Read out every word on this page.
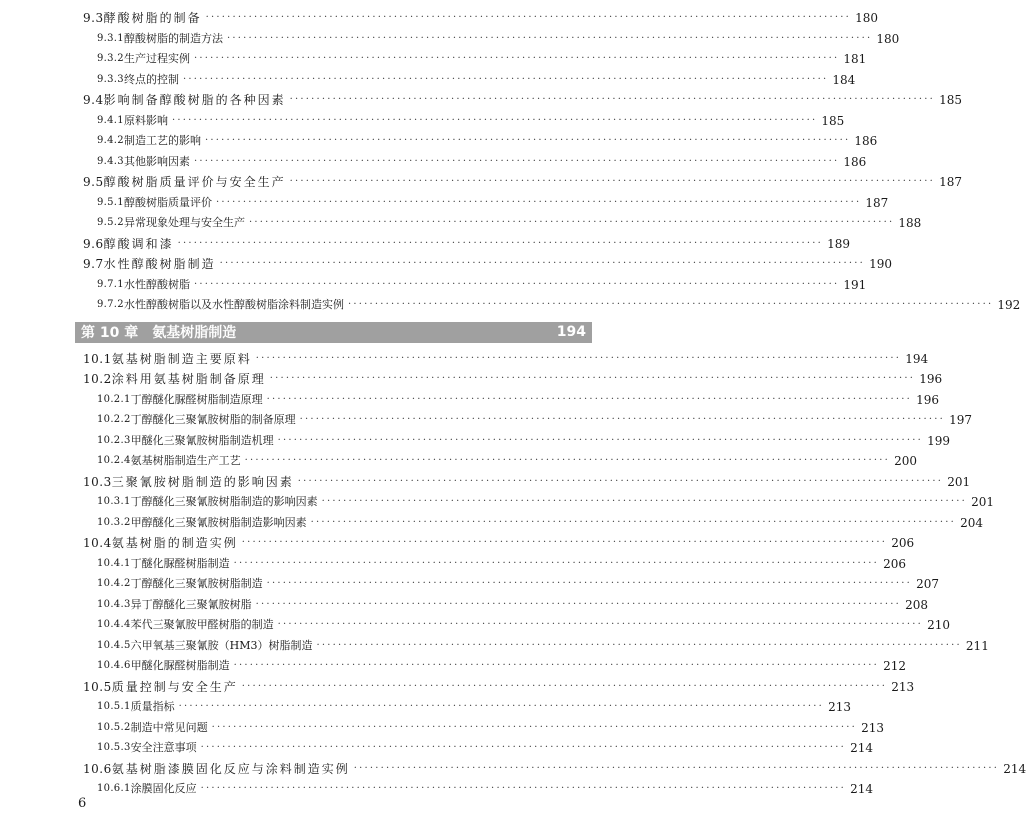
9.3 酵酸树脂的制备 ························································································································ 180
9.3.1 醇酸树脂的制造方法 ························································································································ 180
9.3.2 生产过程实例 ························································································································ 181
9.3.3 终点的控制 ························································································································ 184
9.4 影响制备醇酸树脂的各种因素 ························································································································ 185
9.4.1 原料影响 ························································································································ 185
9.4.2 制造工艺的影响 ························································································································ 186
9.4.3 其他影响因素 ························································································································ 186
9.5 醇酸树脂质量评价与安全生产 ························································································································ 187
9.5.1 醇酸树脂质量评价 ························································································································ 187
9.5.2 异常现象处理与安全生产 ························································································································ 188
9.6 醇酸调和漆 ························································································································ 189
9.7 水性醇酸树脂制造 ························································································································ 190
9.7.1 水性醇酸树脂 ························································································································ 191
9.7.2 水性醇酸树脂以及水性醇酸树脂涂料制造实例 ························································································································ 192
第 10 章 氨基树脂制造	194
10.1 氨基树脂制造主要原料 ························································································································ 194
10.2 涂料用氨基树脂制备原理 ························································································································ 196
10.2.1 丁醇醚化脲醛树脂制造原理 ························································································································ 196
10.2.2 丁醇醚化三聚氰胺树脂的制备原理 ························································································································ 197
10.2.3 甲醚化三聚氰胺树脂制造机理 ························································································································ 199
10.2.4 氨基树脂制造生产工艺 ························································································································ 200
10.3 三聚氰胺树脂制造的影响因素 ························································································································ 201
10.3.1 丁醇醚化三聚氰胺树脂制造的影响因素 ························································································································ 201
10.3.2 甲醇醚化三聚氰胺树脂制造影响因素 ························································································································ 204
10.4 氨基树脂的制造实例 ························································································································ 206
10.4.1 丁醚化脲醛树脂制造 ························································································································ 206
10.4.2 丁醇醚化三聚氰胺树脂制造 ························································································································ 207
10.4.3 异丁醇醚化三聚氰胺树脂 ························································································································ 208
10.4.4 苯代三聚氰胺甲醛树脂的制造 ························································································································ 210
10.4.5 六甲氧基三聚氰胺（HM3）树脂制造 ························································································································ 211
10.4.6 甲醚化脲醛树脂制造 ························································································································ 212
10.5 质量控制与安全生产 ························································································································ 213
10.5.1 质量指标 ························································································································ 213
10.5.2 制造中常见问题 ························································································································ 213
10.5.3 安全注意事项 ························································································································ 214
10.6 氨基树脂漆膜固化反应与涂料制造实例 ························································································································ 214
10.6.1 涂膜固化反应 ························································································································ 214
6
